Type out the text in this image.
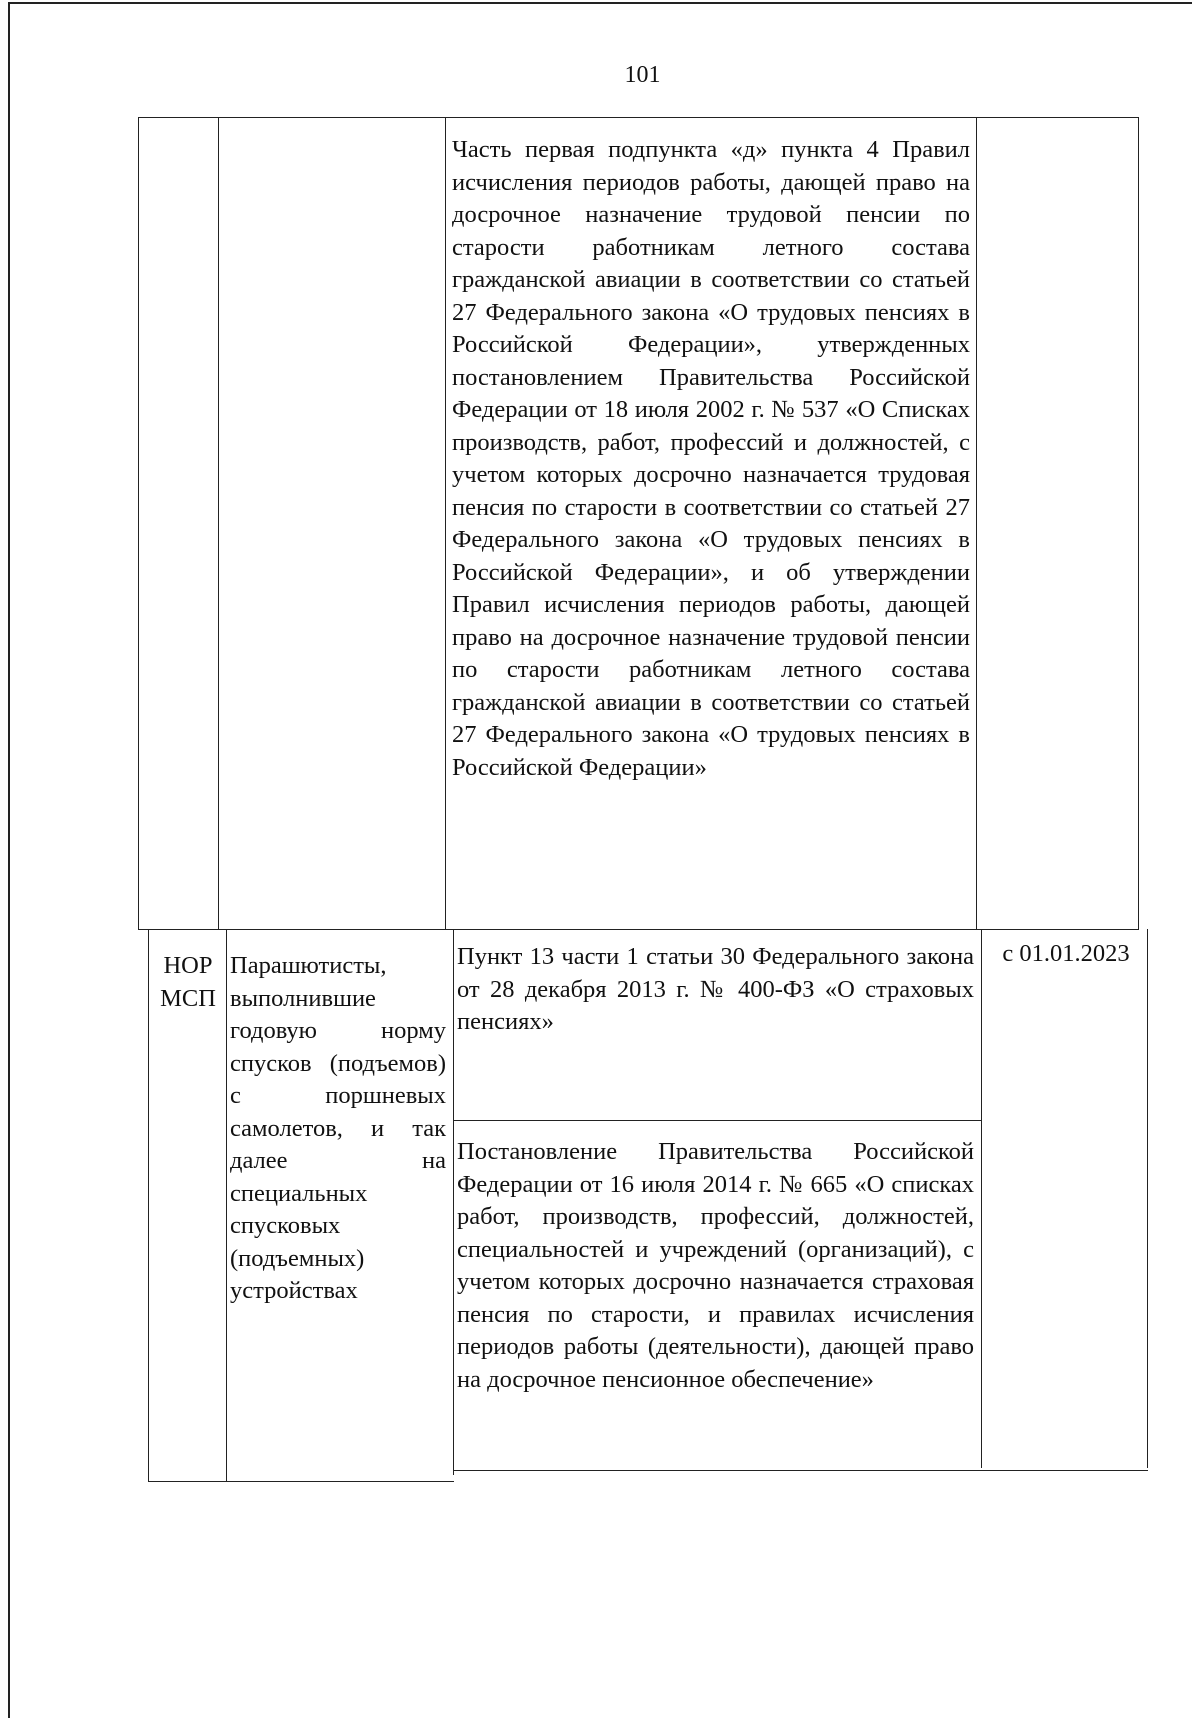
101
Часть первая подпункта «д» пункта 4 Правил исчисления периодов работы, дающей право на досрочное назначение трудовой пенсии по старости работникам летного состава гражданской авиации в соответствии со статьей 27 Федерального закона «О трудовых пенсиях в Российской Федерации», утвержденных постановлением Правительства Российской Федерации от 18 июля 2002 г. № 537 «О Списках производств, работ, профессий и должностей, с учетом которых досрочно назначается трудовая пенсия по старости в соответствии со статьей 27 Федерального закона «О трудовых пенсиях в Российской Федерации», и об утверждении Правил исчисления периодов работы, дающей право на досрочное назначение трудовой пенсии по старости работникам летного состава гражданской авиации в соответствии со статьей 27 Федерального закона «О трудовых пенсиях в Российской Федерации»
НОР МСП
Парашютисты, выполнившие годовую норму спусков (подъемов) с поршневых самолетов, и так далее на специальных спусковых (подъемных) устройствах
Пункт 13 части 1 статьи 30 Федерального закона от 28 декабря 2013 г. № 400-ФЗ «О страховых пенсиях»
Постановление Правительства Российской Федерации от 16 июля 2014 г. № 665 «О списках работ, производств, профессий, должностей, специальностей и учреждений (организаций), с учетом которых досрочно назначается страховая пенсия по старости, и правилах исчисления периодов работы (деятельности), дающей право на досрочное пенсионное обеспечение»
с 01.01.2023
